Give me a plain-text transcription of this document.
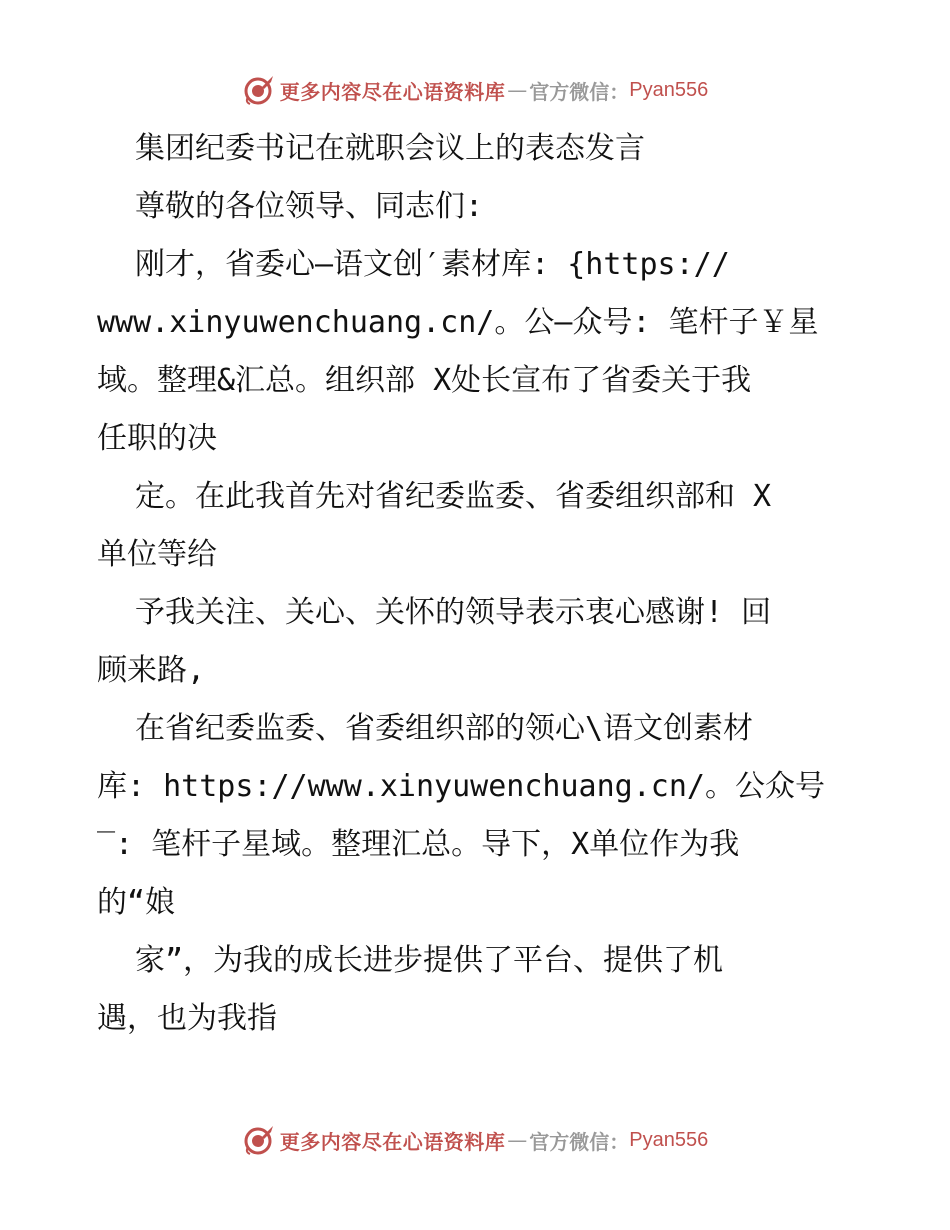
更多内容尽在心语资料库 — 官方微信： Pyan556
集团纪委书记在就职会议上的表态发言
尊敬的各位领导、同志们:
刚才，省委心—语文创′素材库: {https://
www.xinyuwenchuang.cn/。公—众号: 笔杆子￥星
域。整理&汇总。组织部 X处长宣布了省委关于我
任职的决
定。在此我首先对省纪委监委、省委组织部和 X
单位等给
予我关注、关心、关怀的领导表示衷心感谢! 回
顾来路,
在省纪委监委、省委组织部的领心\语文创素材
库: https://www.xinyuwenchuang.cn/。公众号
‾: 笔杆子星域。整理汇总。导下，X单位作为我
的“娘
家”，为我的成长进步提供了平台、提供了机
遇，也为我指
更多内容尽在心语资料库 — 官方微信： Pyan556
